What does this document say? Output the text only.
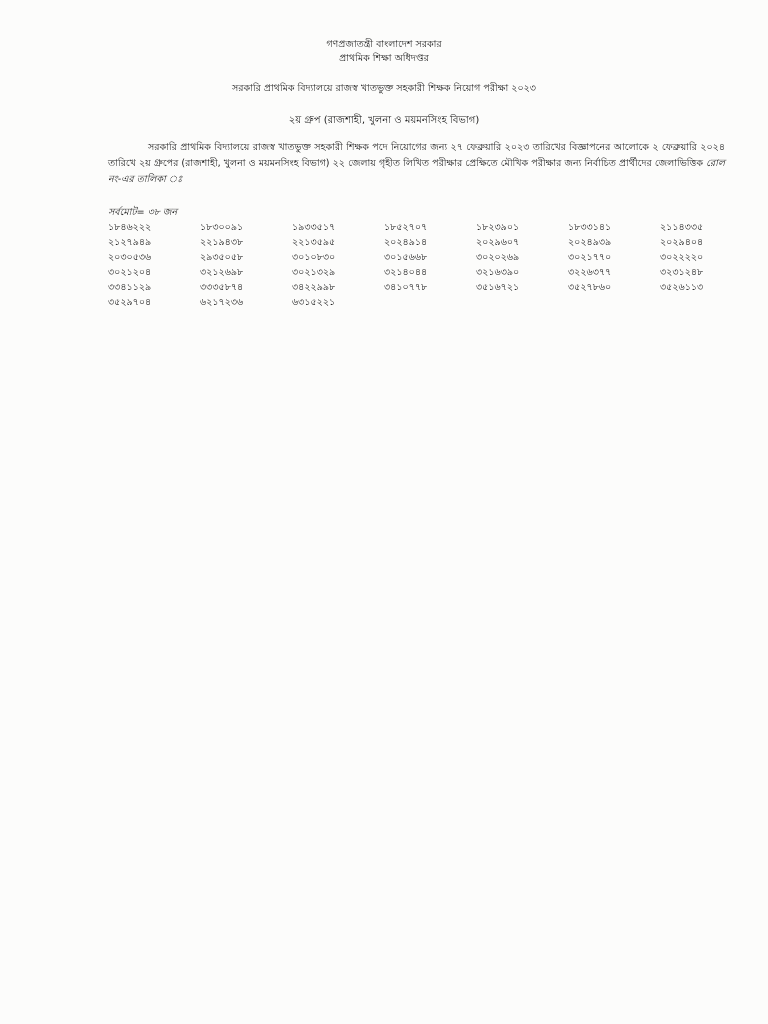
গণপ্রজাতন্ত্রী বাংলাদেশ সরকার
প্রাথমিক শিক্ষা অধিদপ্তর
সরকারি প্রাথমিক বিদ্যালয়ে রাজস্ব খাতভুক্ত সহকারী শিক্ষক নিয়োগ পরীক্ষা ২০২৩
২য় গ্রুপ (রাজশাহী, খুলনা ও ময়মনসিংহ বিভাগ)

সরকারি প্রাথমিক বিদ্যালয়ে রাজস্ব খাতভুক্ত সহকারী শিক্ষক পদে নিয়োগের জন্য ২৭ ফেব্রুয়ারি ২০২৩ তারিখের বিজ্ঞাপনের আলোকে ২ ফেব্রুয়ারি ২০২৪ তারিখে ২য় গ্রুপের (রাজশাহী, খুলনা ও ময়মনসিংহ বিভাগ) ২২ জেলায় গৃহীত লিখিত পরীক্ষার প্রেক্ষিতে মৌখিক পরীক্ষার জন্য নির্বাচিত প্রার্থীদের জেলাভিত্তিক রোল নং-এর তালিকা ঃ

সর্বমোট= ৩৮ জন
১৮৪৬২২২	১৮৩০০৯১	১৯৩৩৫১৭	১৮৫২৭০৭	১৮২৩৯০১	১৮৩৩১৪১	২১১৪৩৩৫
২১২৭৯৪৯	২২১৯৪৩৮	২২১৩৫৯৫	২০২৪৯১৪	২০২৯৬০৭	২০২৪৯৩৯	২০২৯৪০৪
২০৩০৫৩৬	২৯৩৫০৫৮	৩০১০৮৩০	৩০১৫৬৬৮	৩০২০২৬৯	৩০২১৭৭০	৩০২২২২০
৩০২১২০৪	৩২১২৬৯৮	৩০২১৩২৯	৩২১৪০৪৪	৩২১৬৩৯০	৩২২৬৩৭৭	৩২৩১২৪৮
৩৩৪১১২৯	৩৩৩৫৮৭৪	৩৪২২৯৯৮	৩৪১০৭৭৮	৩৫১৬৭২১	৩৫২৭৮৬০	৩৫২৬১১৩
৩৫২৯৭০৪	৬২১৭২৩৬	৬৩১৫২২১
